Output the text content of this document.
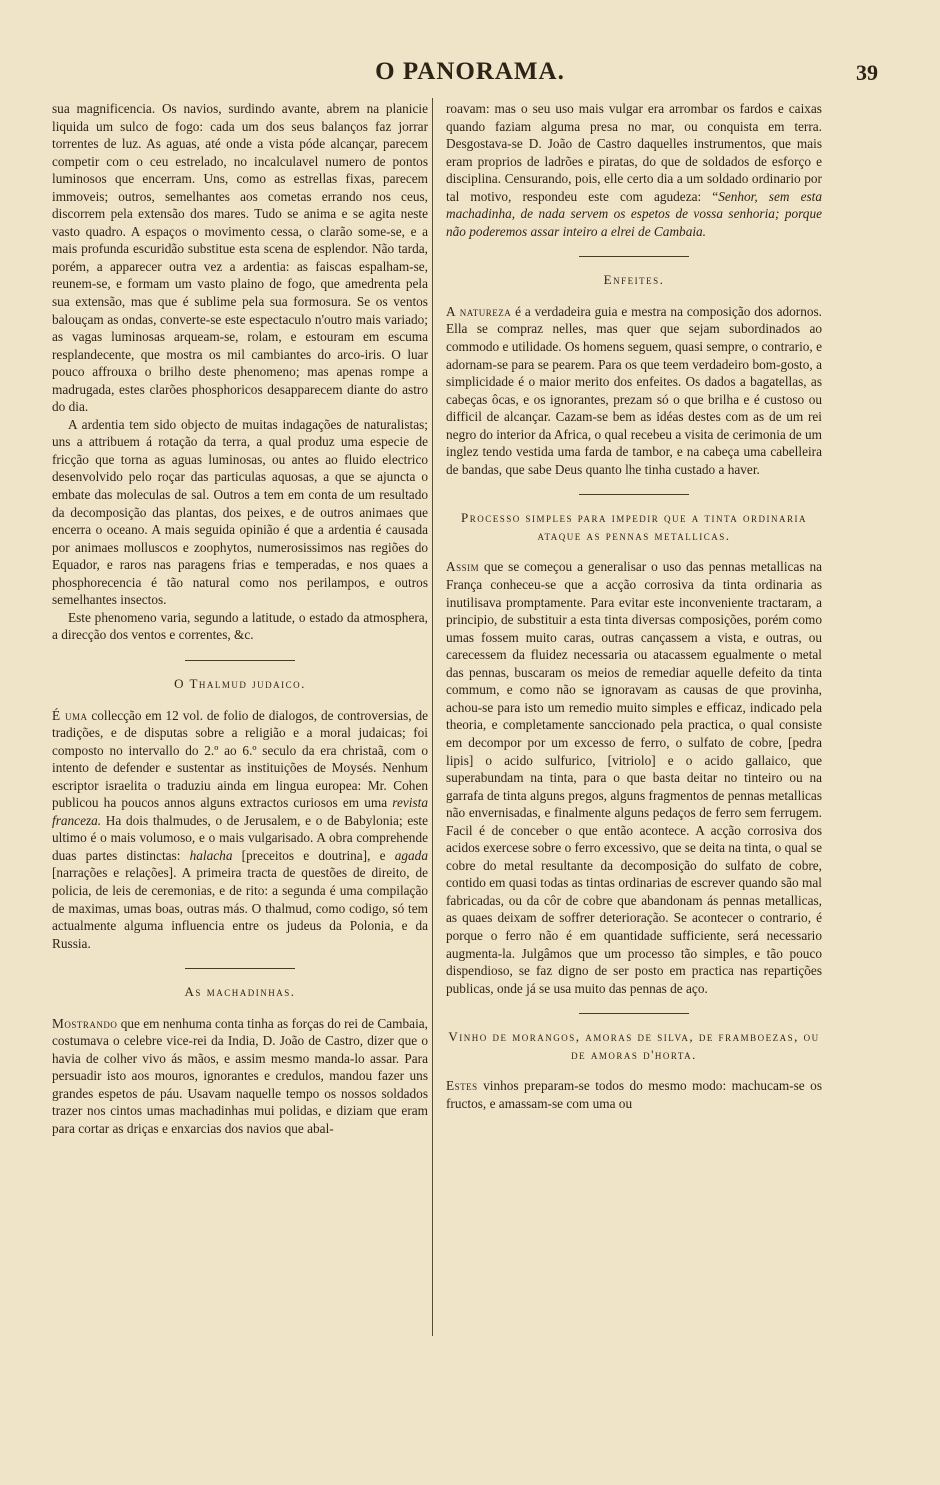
O PANORAMA.	39

sua magnificencia. Os navios, surdindo avante, abrem na planicie liquida um sulco de fogo: cada um dos seus balanços faz jorrar torrentes de luz. As aguas, até onde a vista póde alcançar, parecem competir com o ceu estrelado, no incalculavel numero de pontos luminosos que encerram. Uns, como as estrellas fixas, parecem immoveis; outros, semelhantes aos cometas errando nos ceus, discorrem pela extensão dos mares. Tudo se anima e se agita neste vasto quadro. A espaços o movimento cessa, o clarão some-se, e a mais profunda escuridão substitue esta scena de esplendor. Não tarda, porém, a apparecer outra vez a ardentia: as faiscas espalham-se, reunem-se, e formam um vasto plaino de fogo, que amedrenta pela sua extensão, mas que é sublime pela sua formosura. Se os ventos balouçam as ondas, converte-se este espectaculo n'outro mais variado; as vagas luminosas arqueam-se, rolam, e estouram em escuma resplandecente, que mostra os mil cambiantes do arco-iris. O luar pouco affrouxa o brilho deste phenomeno; mas apenas rompe a madrugada, estes clarões phosphoricos desapparecem diante do astro do dia.

A ardentia tem sido objecto de muitas indagações de naturalistas; uns a attribuem á rotação da terra, a qual produz uma especie de fricção que torna as aguas luminosas, ou antes ao fluido electrico desenvolvido pelo roçar das particulas aquosas, a que se ajuncta o embate das moleculas de sal. Outros a tem em conta de um resultado da decomposição das plantas, dos peixes, e de outros animaes que encerra o oceano. A mais seguida opinião é que a ardentia é causada por animaes molluscos e zoophytos, numerosissimos nas regiões do Equador, e raros nas paragens frias e temperadas, e nos quaes a phosphorecencia é tão natural como nos perilampos, e outros semelhantes insectos.

Este phenomeno varia, segundo a latitude, o estado da atmosphera, a direcção dos ventos e correntes, &c.

O Thalmud judaico.

É uma collecção em 12 vol. de folio de dialogos, de controversias, de tradições, e de disputas sobre a religião e a moral judaicas; foi composto no intervallo do 2.º ao 6.º seculo da era christaã, com o intento de defender e sustentar as instituições de Moysés. Nenhum escriptor israelita o traduziu ainda em lingua europea: Mr. Cohen publicou ha poucos annos alguns extractos curiosos em uma revista franceza. Ha dois thalmudes, o de Jerusalem, e o de Babylonia; este ultimo é o mais volumoso, e o mais vulgarisado. A obra comprehende duas partes distinctas: halacha [preceitos e doutrina], e agada [narrações e relações]. A primeira tracta de questões de direito, de policia, de leis de ceremonias, e de rito: a segunda é uma compilação de maximas, umas boas, outras más. O thalmud, como codigo, só tem actualmente alguma influencia entre os judeus da Polonia, e da Russia.

As machadinhas.

Mostrando que em nenhuma conta tinha as forças do rei de Cambaia, costumava o celebre vice-rei da India, D. João de Castro, dizer que o havia de colher vivo ás mãos, e assim mesmo manda-lo assar. Para persuadir isto aos mouros, ignorantes e credulos, mandou fazer uns grandes espetos de páu. Usavam naquelle tempo os nossos soldados trazer nos cintos umas machadinhas mui polidas, e diziam que eram para cortar as driças e enxarcias dos navios que abal-

roavam: mas o seu uso mais vulgar era arrombar os fardos e caixas quando faziam alguma presa no mar, ou conquista em terra. Desgostava-se D. João de Castro daquelles instrumentos, que mais eram proprios de ladrões e piratas, do que de soldados de esforço e disciplina. Censurando, pois, elle certo dia a um soldado ordinario por tal motivo, respondeu este com agudeza: “Senhor, sem esta machadinha, de nada servem os espetos de vossa senhoria; porque não poderemos assar inteiro a elrei de Cambaia.

Enfeites.

A natureza é a verdadeira guia e mestra na composição dos adornos. Ella se compraz nelles, mas quer que sejam subordinados ao commodo e utilidade. Os homens seguem, quasi sempre, o contrario, e adornam-se para se pearem. Para os que teem verdadeiro bom-gosto, a simplicidade é o maior merito dos enfeites. Os dados a bagatellas, as cabeças ôcas, e os ignorantes, prezam só o que brilha e é custoso ou difficil de alcançar. Cazam-se bem as idéas destes com as de um rei negro do interior da Africa, o qual recebeu a visita de cerimonia de um inglez tendo vestida uma farda de tambor, e na cabeça uma cabelleira de bandas, que sabe Deus quanto lhe tinha custado a haver.

Processo simples para impedir que a tinta ordinaria ataque as pennas metallicas.

Assim que se começou a generalisar o uso das pennas metallicas na França conheceu-se que a acção corrosiva da tinta ordinaria as inutilisava promptamente. Para evitar este inconveniente tractaram, a principio, de substituir a esta tinta diversas composições, porém como umas fossem muito caras, outras cançassem a vista, e outras, ou carecessem da fluidez necessaria ou atacassem egualmente o metal das pennas, buscaram os meios de remediar aquelle defeito da tinta commum, e como não se ignoravam as causas de que provinha, achou-se para isto um remedio muito simples e efficaz, indicado pela theoria, e completamente sanccionado pela practica, o qual consiste em decompor por um excesso de ferro, o sulfato de cobre, [pedra lipis] o acido sulfurico, [vitriolo] e o acido gallaico, que superabundam na tinta, para o que basta deitar no tinteiro ou na garrafa de tinta alguns pregos, alguns fragmentos de pennas metallicas não envernisadas, e finalmente alguns pedaços de ferro sem ferrugem. Facil é de conceber o que então acontece. A acção corrosiva dos acidos exercese sobre o ferro excessivo, que se deita na tinta, o qual se cobre do metal resultante da decomposição do sulfato de cobre, contido em quasi todas as tintas ordinarias de escrever quando são mal fabricadas, ou da côr de cobre que abandonam ás pennas metallicas, as quaes deixam de soffrer deterioração. Se acontecer o contrario, é porque o ferro não é em quantidade sufficiente, será necessario augmenta-la. Julgâmos que um processo tão simples, e tão pouco dispendioso, se faz digno de ser posto em practica nas repartições publicas, onde já se usa muito das pennas de aço.

Vinho de morangos, amoras de silva, de framboezas, ou de amoras d'horta.

Estes vinhos preparam-se todos do mesmo modo: machucam-se os fructos, e amassam-se com uma ou
